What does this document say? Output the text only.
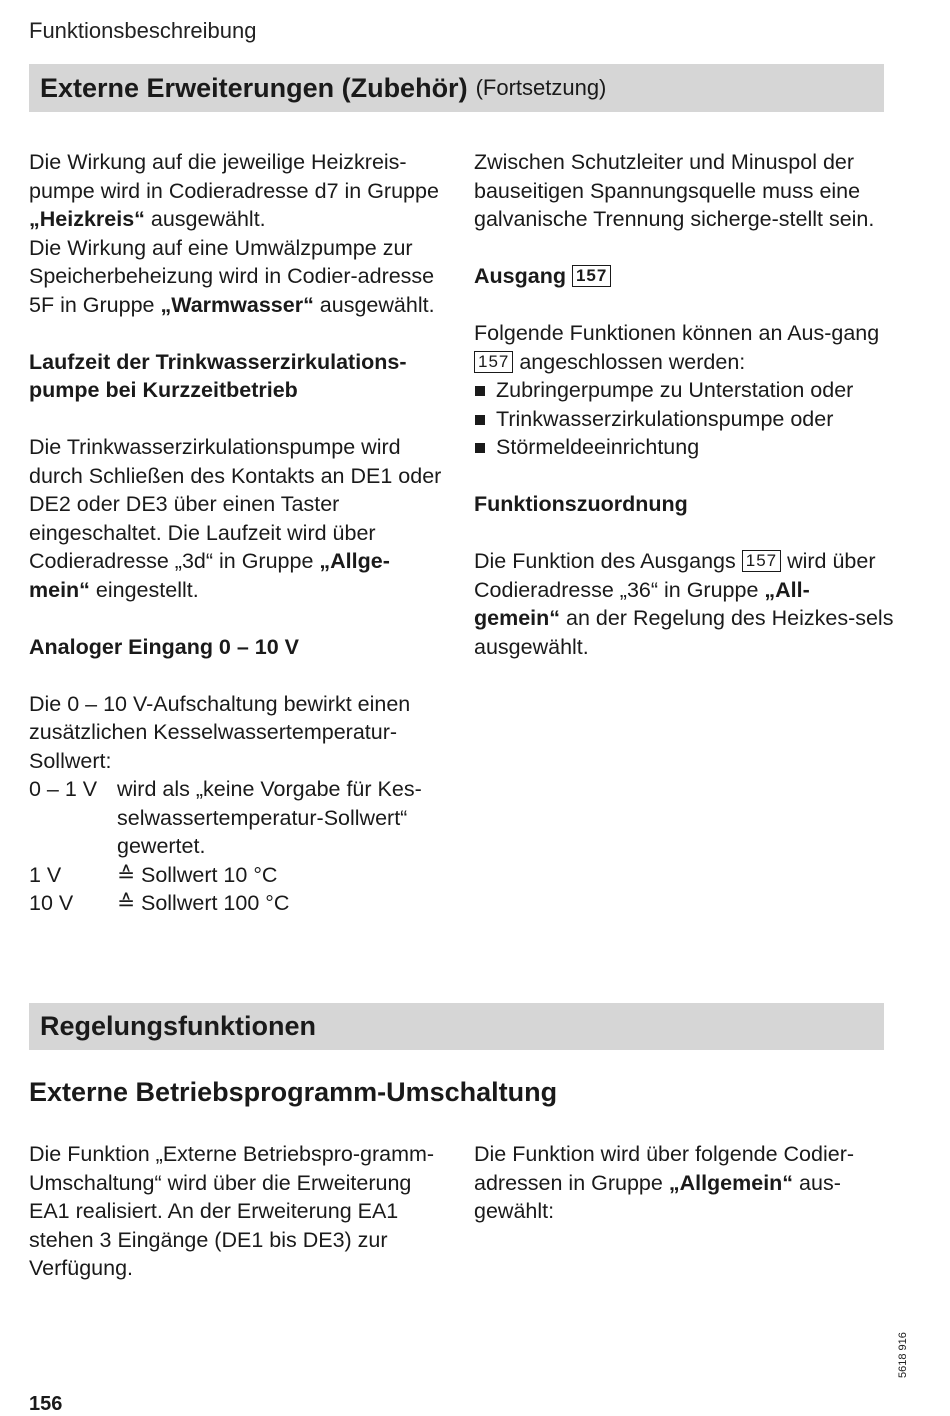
Funktionsbeschreibung
Externe Erweiterungen (Zubehör) (Fortsetzung)

Die Wirkung auf die jeweilige Heizkreis-pumpe wird in Codieradresse d7 in Gruppe „Heizkreis“ ausgewählt.

Die Wirkung auf eine Umwälzpumpe zur Speicherbeheizung wird in Codier-adresse 5F in Gruppe „Warmwasser“ ausgewählt.

Laufzeit der Trinkwasserzirkulations-pumpe bei Kurzzeitbetrieb

Die Trinkwasserzirkulationspumpe wird durch Schließen des Kontakts an DE1 oder DE2 oder DE3 über einen Taster eingeschaltet. Die Laufzeit wird über Codieradresse „3d“ in Gruppe „Allge-mein“ eingestellt.

Analoger Eingang 0 – 10 V

Die 0 – 10 V-Aufschaltung bewirkt einen zusätzlichen Kesselwassertemperatur-Sollwert:

0 – 1 V wird als „keine Vorgabe für Kes-selwassertemperatur-Sollwert“ gewertet.
1 V	≙ Sollwert 10 °C
10 V	≙ Sollwert 100 °C

Zwischen Schutzleiter und Minuspol der bauseitigen Spannungsquelle muss eine galvanische Trennung sicherge-stellt sein.

Ausgang 157

Folgende Funktionen können an Aus-gang 157 angeschlossen werden:

Zubringerpumpe zu Unterstation oder
Trinkwasserzirkulationspumpe oder
Störmeldeeinrichtung

Funktionszuordnung

Die Funktion des Ausgangs 157 wird über Codieradresse „36“ in Gruppe „All-gemein“ an der Regelung des Heizkes-sels ausgewählt.

Regelungsfunktionen
Externe Betriebsprogramm-Umschaltung

Die Funktion „Externe Betriebspro-gramm-Umschaltung“ wird über die Erweiterung EA1 realisiert. An der Erweiterung EA1 stehen 3 Eingänge (DE1 bis DE3) zur Verfügung.

Die Funktion wird über folgende Codier-adressen in Gruppe „Allgemein“ aus-gewählt:

156
5618 916
